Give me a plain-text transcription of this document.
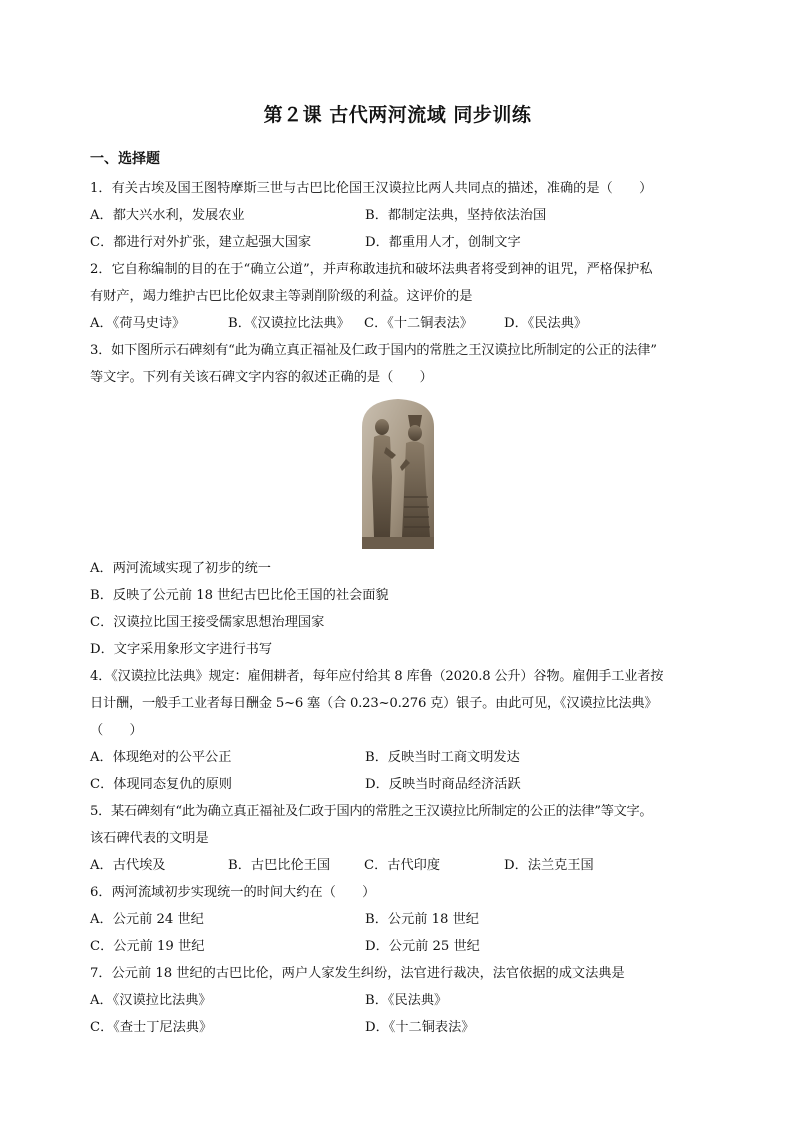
第２课 古代两河流域 同步训练
一、选择题
1．有关古埃及国王图特摩斯三世与古巴比伦国王汉谟拉比两人共同点的描述，准确的是（　　）
A．都大兴水利，发展农业	B．都制定法典，坚持依法治国
C．都进行对外扩张，建立起强大国家	D．都重用人才，创制文字
2．它自称编制的目的在于“确立公道”，并声称敢违抗和破坏法典者将受到神的诅咒，严格保护私
有财产，竭力维护古巴比伦奴隶主等剥削阶级的利益。这评价的是
A．《荷马史诗》	B．《汉谟拉比法典》 C．《十二铜表法》 D．《民法典》
3．如下图所示石碑刻有“此为确立真正福祉及仁政于国内的常胜之王汉谟拉比所制定的公正的法律”
等文字。下列有关该石碑文字内容的叙述正确的是（　　）
A．两河流域实现了初步的统一
B．反映了公元前 18 世纪古巴比伦王国的社会面貌
C．汉谟拉比国王接受儒家思想治理国家
D．文字采用象形文字进行书写
4．《汉谟拉比法典》规定：雇佣耕者，每年应付给其 8 库鲁（2020.8 公升）谷物。雇佣手工业者按
日计酬，一般手工业者每日酬金 5~6 塞（合 0.23~0.276 克）银子。由此可见，《汉谟拉比法典》
（　　）
A．体现绝对的公平公正	B．反映当时工商文明发达
C．体现同态复仇的原则	D．反映当时商品经济活跃
5．某石碑刻有“此为确立真正福祉及仁政于国内的常胜之王汉谟拉比所制定的公正的法律”等文字。
该石碑代表的文明是
A．古代埃及	B．古巴比伦王国	C．古代印度	D．法兰克王国
6．两河流域初步实现统一的时间大约在（　　）
A．公元前 24 世纪	B．公元前 18 世纪
C．公元前 19 世纪	D．公元前 25 世纪
7．公元前 18 世纪的古巴比伦，两户人家发生纠纷，法官进行裁决，法官依据的成文法典是
A．《汉谟拉比法典》	B．《民法典》
C．《查士丁尼法典》	D．《十二铜表法》
